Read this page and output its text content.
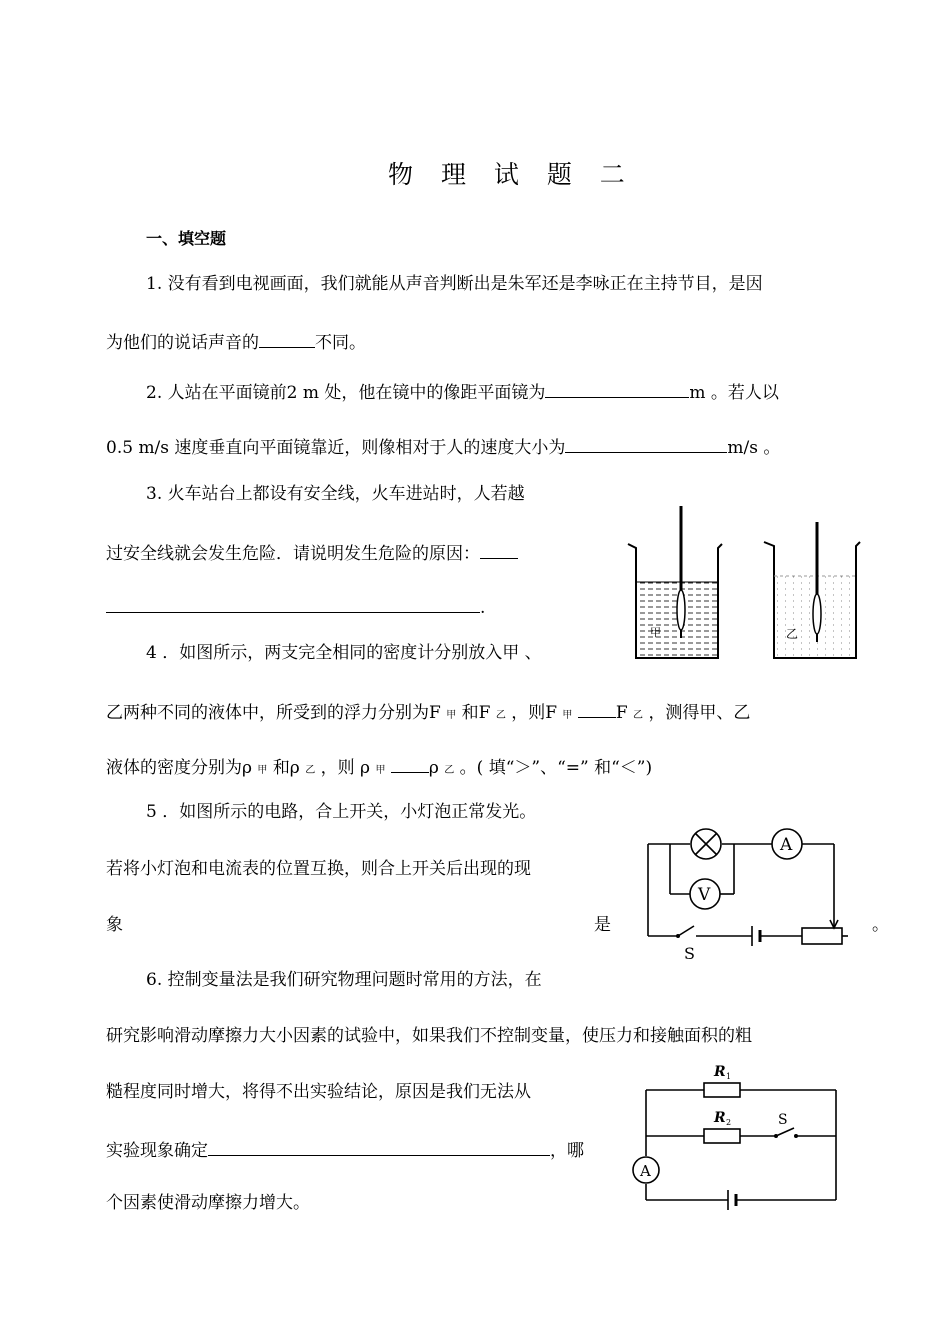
物 理 试 题 二
一、填空题
1. 没有看到电视画面，我们就能从声音判断出是朱军还是李咏正在主持节目，是因
为他们的说话声音的	不同。
2. 人站在平面镜前2 m 处，他在镜中的像距平面镜为	m 。若人以
0.5 m/s 速度垂直向平面镜靠近，则像相对于人的速度大小为	m/s 。
3. 火车站台上都设有安全线，火车进站时，人若越
过安全线就会发生危险．请说明发生危险的原因：
.
甲	乙
4 ．如图所示，两支完全相同的密度计分别放入甲 、
乙两种不同的液体中，所受到的浮力分别为F 甲 和F 乙 ，则F 甲	F 乙 ，测得甲、乙
液体的密度分别为ρ 甲 和ρ 乙 ，则 ρ 甲	ρ 乙 。( 填“＞”、“=” 和“＜”)
5 ．如图所示的电路，合上开关，小灯泡正常发光。
若将小灯泡和电流表的位置互换，则合上开关后出现的现
象	是	。
A
V
S
6. 控制变量法是我们研究物理问题时常用的方法，在
研究影响滑动摩擦力大小因素的试验中，如果我们不控制变量，使压力和接触面积的粗
糙程度同时增大，将得不出实验结论，原因是我们无法从
实验现象确定	，哪
个因素使滑动摩擦力增大。
R 1
R 2	S
A
